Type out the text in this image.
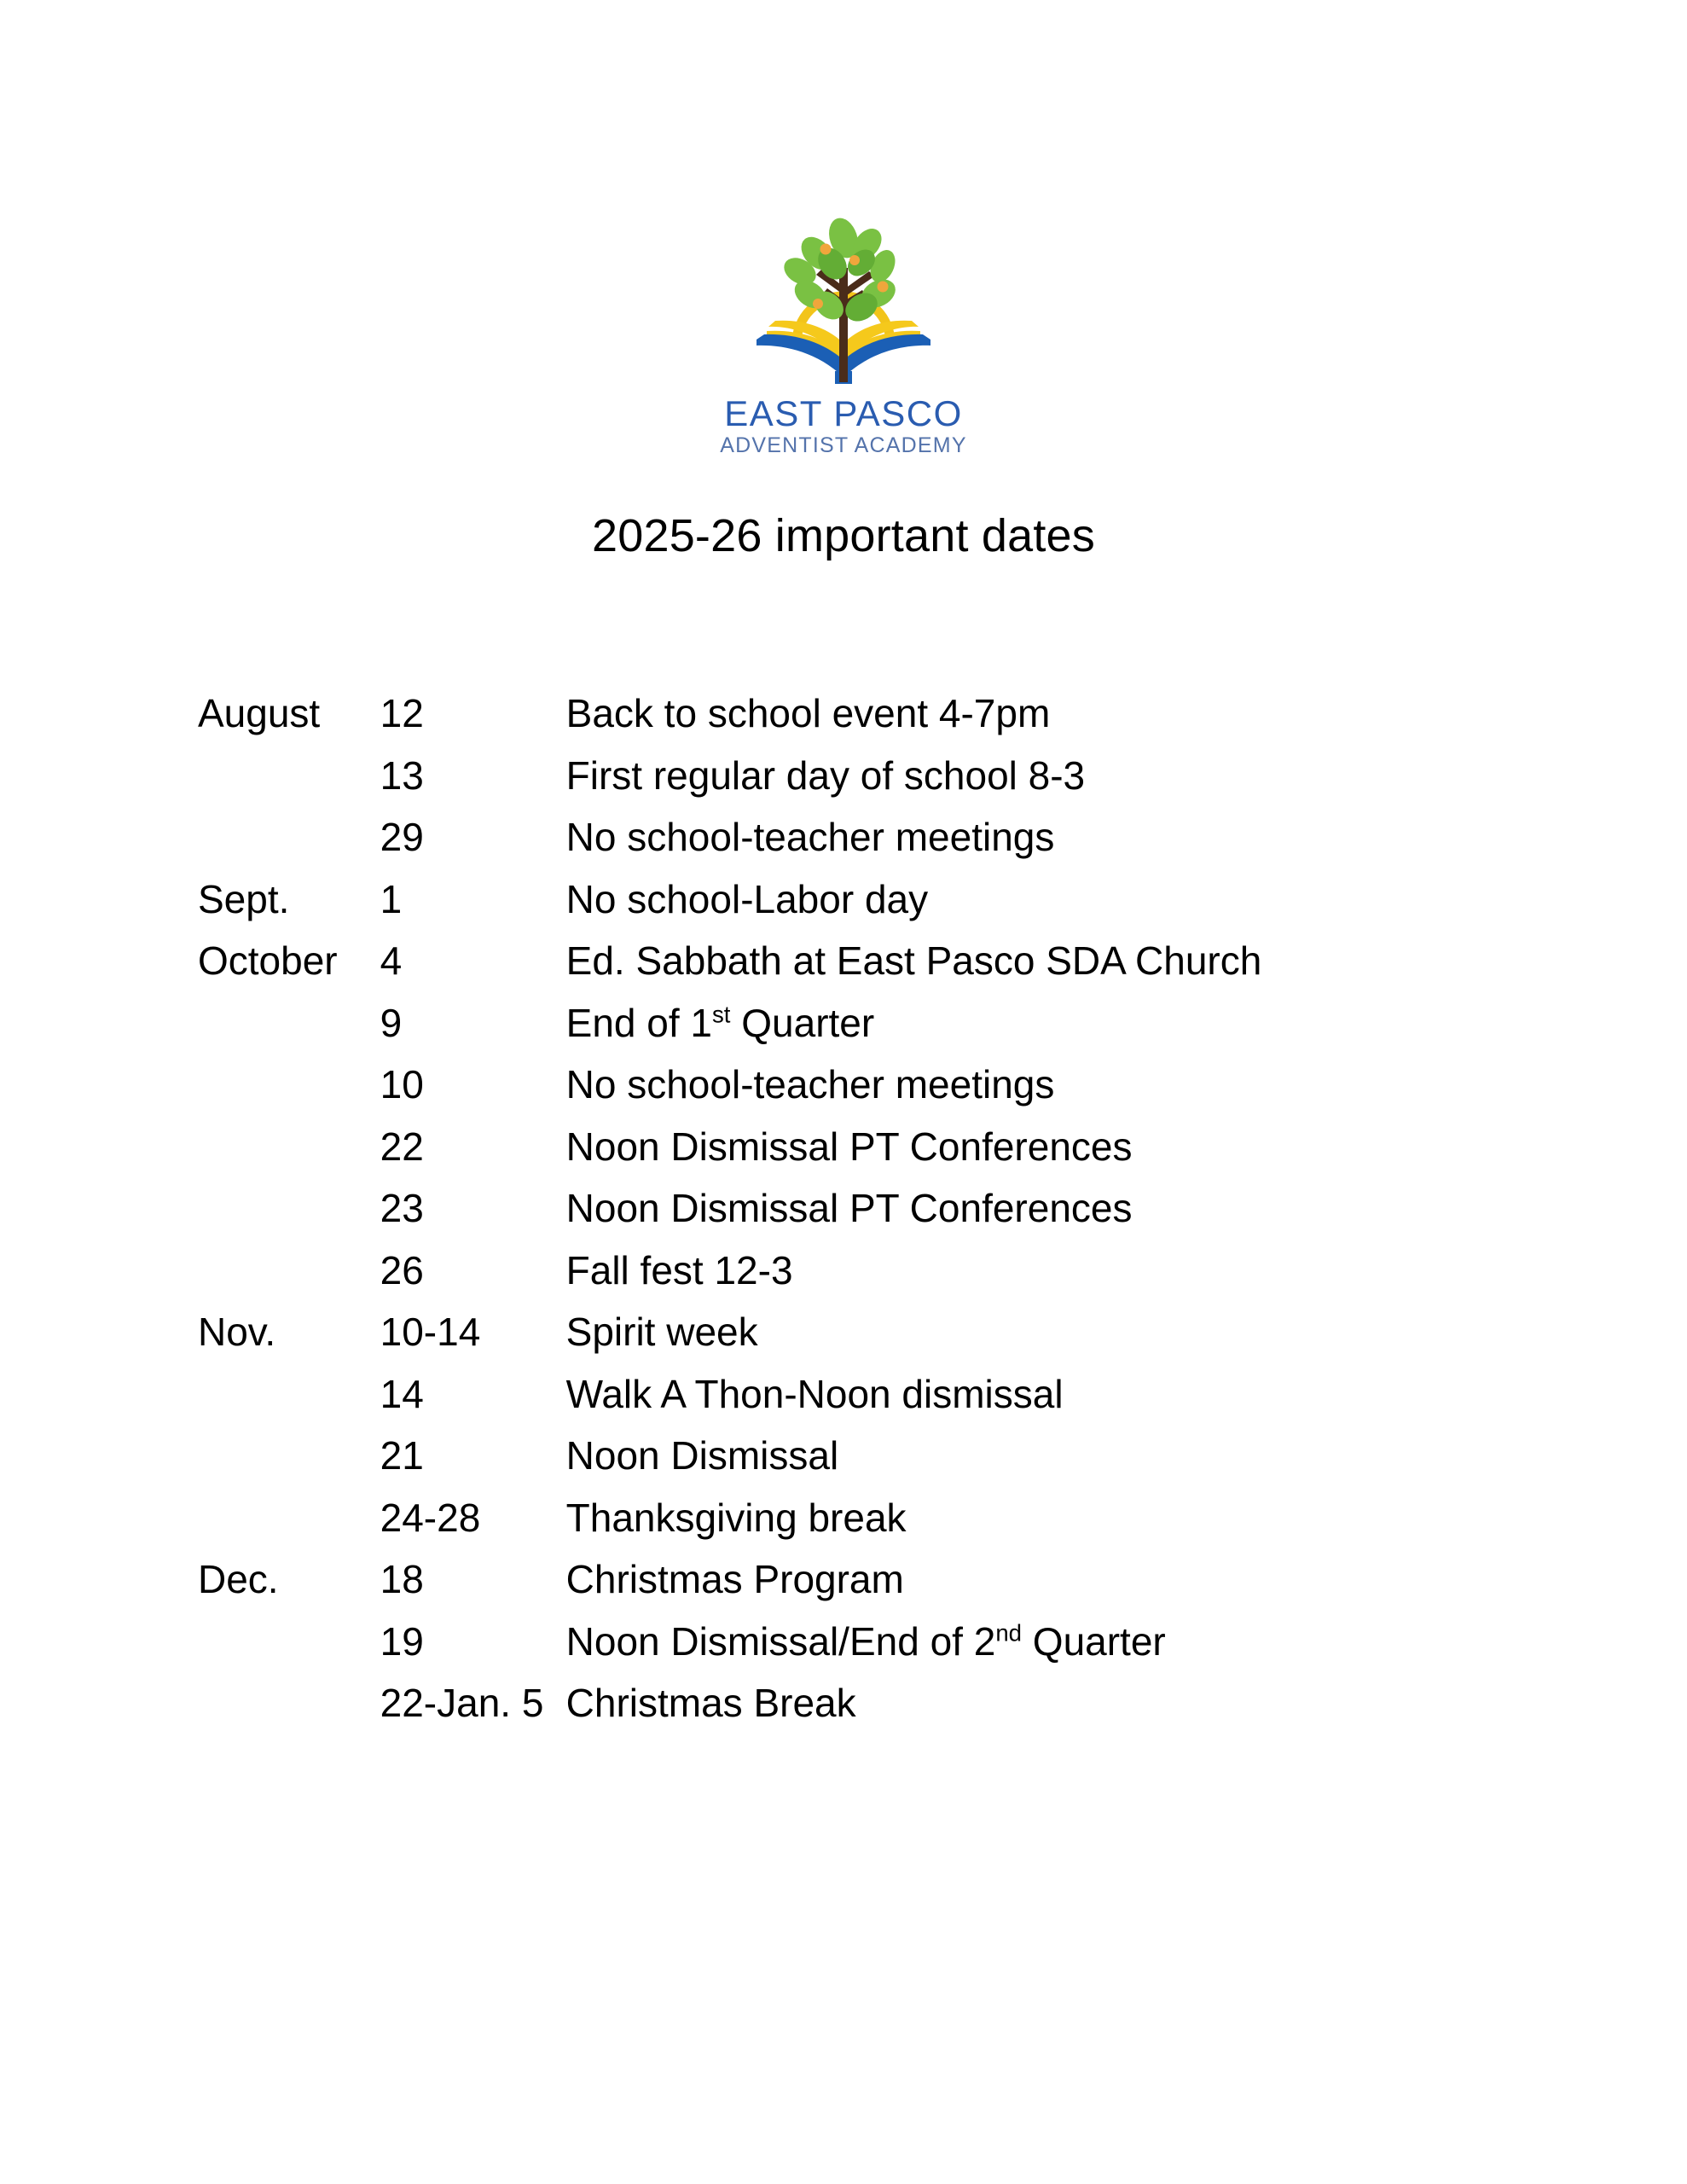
EAST PASCO
ADVENTIST ACADEMY
2025-26 important dates
August	12	Back to school event 4-7pm
	13	First regular day of school 8-3
	29	No school-teacher meetings
Sept.	1	No school-Labor day
October	4	Ed. Sabbath at East Pasco SDA Church
	9	End of 1st Quarter
	10	No school-teacher meetings
	22	Noon Dismissal PT Conferences
	23	Noon Dismissal PT Conferences
	26	Fall fest 12-3
Nov.	10-14	Spirit week
	14	Walk A Thon-Noon dismissal
	21	Noon Dismissal
	24-28	Thanksgiving break
Dec.	18	Christmas Program
	19	Noon Dismissal/End of 2nd Quarter
	22-Jan. 5	Christmas Break
